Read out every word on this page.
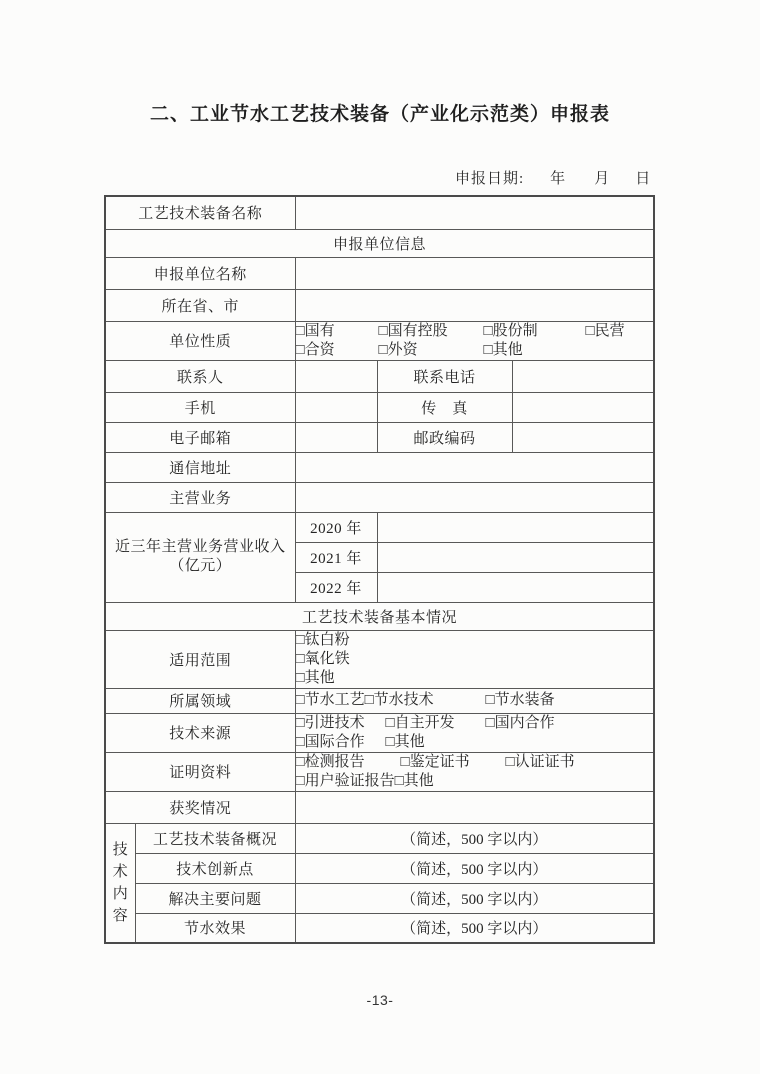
二、工业节水工艺技术装备（产业化示范类）申报表
申报日期: 年 月 日
工艺技术装备名称				
申报单位信息				
申报单位名称				
所在省、市				
单位性质	
□国有	□国有控股	□股份制	□民营
□合资	□外资	□其他

联系人			联系电话	
手机			传　真	
电子邮箱			邮政编码	
通信地址				
主营业务				

近三年主营业务营业收入
（亿元）		2020 年		
		2021 年		
		2022 年		
工艺技术装备基本情况				
适用范围		□钛白粉
□氧化铁
□其他		

所属领域		□节水工艺□节水技术 □节水装备		

技术来源		□引进技术 □自主开发 □国内合作
□国际合作 □其他		

证明资料		□检测报告 □鉴定证书 □认证证书
□用户验证报告□其他		

获奖情况				
技术内容	工艺技术装备概况	（简述，500 字以内）		
	技术创新点	（简述，500 字以内）		
	解决主要问题	（简述，500 字以内）		
	节水效果	（简述，500 字以内）		
-13-
